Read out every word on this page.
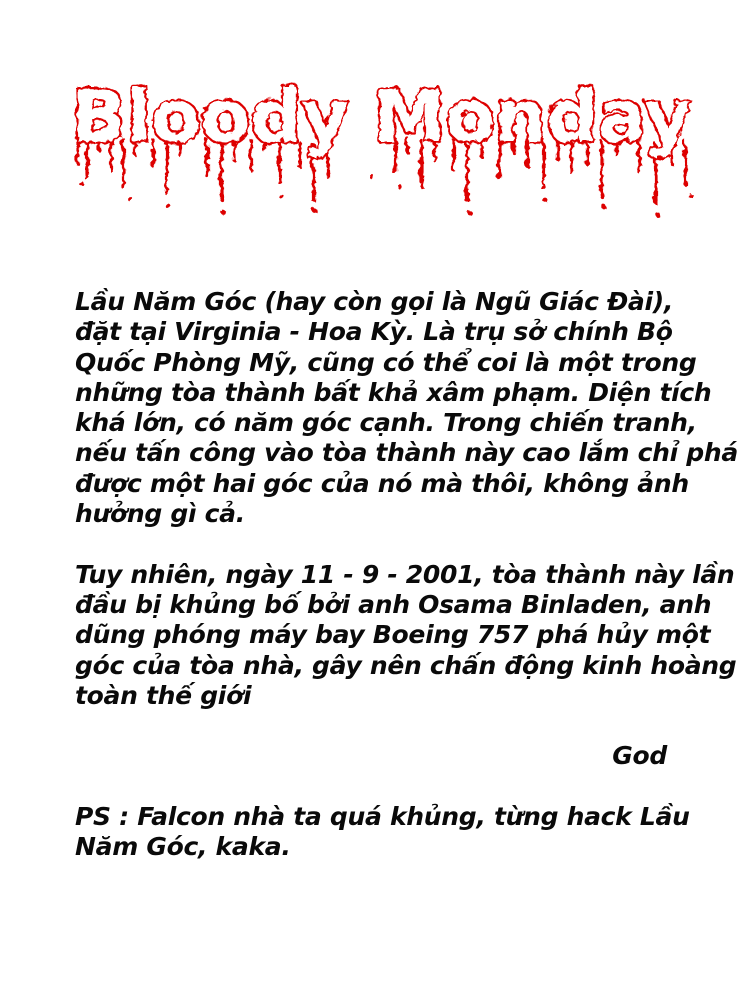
Bloody Monday
Lầu Năm Góc (hay còn gọi là Ngũ Giác Đài),
đặt tại Virginia - Hoa Kỳ. Là trụ sở chính Bộ
Quốc Phòng Mỹ, cũng có thể coi là một trong
những tòa thành bất khả xâm phạm. Diện tích
khá lớn, có năm góc cạnh. Trong chiến tranh,
nếu tấn công vào tòa thành này cao lắm chỉ phá
được một hai góc của nó mà thôi, không ảnh
hưởng gì cả.
Tuy nhiên, ngày 11 - 9 - 2001, tòa thành này lần
đầu bị khủng bố bởi anh Osama Binladen, anh
dũng phóng máy bay Boeing 757 phá hủy một
góc của tòa nhà, gây nên chấn động kinh hoàng
toàn thế giới
God
PS : Falcon nhà ta quá khủng, từng hack Lầu
Năm Góc, kaka.
